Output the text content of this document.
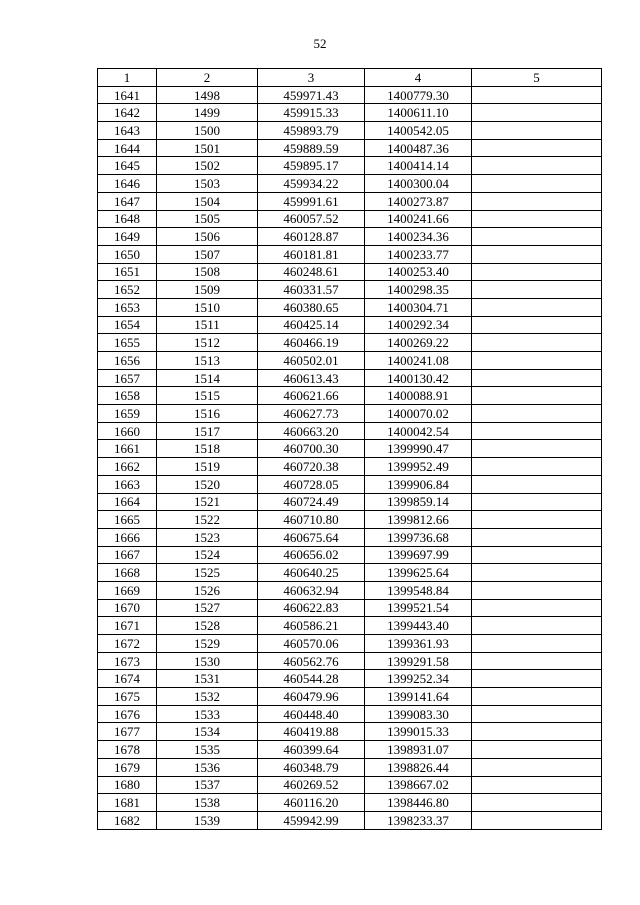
52
1	2	3	4	5
1641	1498	459971.43	1400779.30	
1642	1499	459915.33	1400611.10	
1643	1500	459893.79	1400542.05	
1644	1501	459889.59	1400487.36	
1645	1502	459895.17	1400414.14	
1646	1503	459934.22	1400300.04	
1647	1504	459991.61	1400273.87	
1648	1505	460057.52	1400241.66	
1649	1506	460128.87	1400234.36	
1650	1507	460181.81	1400233.77	
1651	1508	460248.61	1400253.40	
1652	1509	460331.57	1400298.35	
1653	1510	460380.65	1400304.71	
1654	1511	460425.14	1400292.34	
1655	1512	460466.19	1400269.22	
1656	1513	460502.01	1400241.08	
1657	1514	460613.43	1400130.42	
1658	1515	460621.66	1400088.91	
1659	1516	460627.73	1400070.02	
1660	1517	460663.20	1400042.54	
1661	1518	460700.30	1399990.47	
1662	1519	460720.38	1399952.49	
1663	1520	460728.05	1399906.84	
1664	1521	460724.49	1399859.14	
1665	1522	460710.80	1399812.66	
1666	1523	460675.64	1399736.68	
1667	1524	460656.02	1399697.99	
1668	1525	460640.25	1399625.64	
1669	1526	460632.94	1399548.84	
1670	1527	460622.83	1399521.54	
1671	1528	460586.21	1399443.40	
1672	1529	460570.06	1399361.93	
1673	1530	460562.76	1399291.58	
1674	1531	460544.28	1399252.34	
1675	1532	460479.96	1399141.64	
1676	1533	460448.40	1399083.30	
1677	1534	460419.88	1399015.33	
1678	1535	460399.64	1398931.07	
1679	1536	460348.79	1398826.44	
1680	1537	460269.52	1398667.02	
1681	1538	460116.20	1398446.80	
1682	1539	459942.99	1398233.37	
